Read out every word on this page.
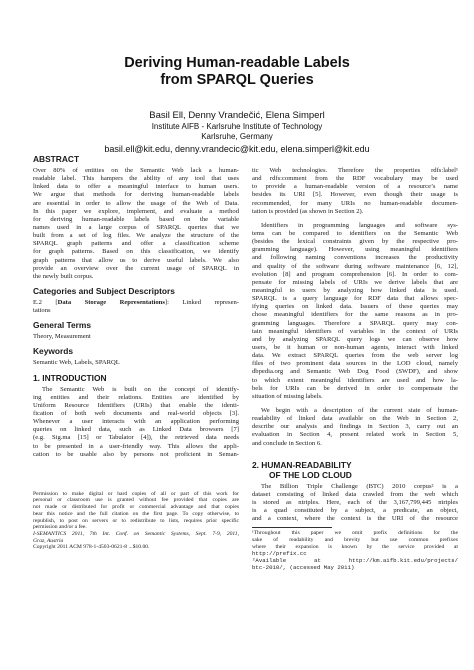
Deriving Human-readable Labels
from SPARQL Queries
Basil Ell, Denny Vrandečić, Elena Simperl
Institute AIFB - Karlsruhe Institute of Technology
Karlsruhe, Germany
basil.ell@kit.edu, denny.vrandecic@kit.edu, elena.simperl@kit.edu
ABSTRACT
Over 80% of entities on the Semantic Web lack a human-
readable label. This hampers the ability of any tool that uses
linked data to offer a meaningful interface to human users.
We argue that methods for deriving human-readable labels
are essential in order to allow the usage of the Web of Data.
In this paper we explore, implement, and evaluate a method
for deriving human-readable labels based on the variable
names used in a large corpus of SPARQL queries that we
built from a set of log files. We analyze the structure of the
SPARQL graph patterns and offer a classification scheme
for graph patterns. Based on this classification, we identify
graph patterns that allow us to derive useful labels. We also
provide an overview over the current usage of SPARQL in
the newly built corpus.
Categories and Subject Descriptors
E.2 [Data Storage Representations]: Linked represen-
tations
General Terms
Theory, Measurement
Keywords
Semantic Web, Labels, SPARQL
1. INTRODUCTION
The Semantic Web is built on the concept of identify-
ing entities and their relations. Entities are identified by
Uniform Resource Identifiers (URIs) that enable the identi-
fication of both web documents and real-world objects [3].
Whenever a user interacts with an application performing
queries on linked data, such as Linked Data browsers [7]
(e.g. Sig.ma [15] or Tabulator [4]), the retrieved data needs
to be presented in a user-friendly way. This allows the appli-
cation to be usable also by persons not proficient in Seman-
Permission to make digital or hard copies of all or part of this work for
personal or classroom use is granted without fee provided that copies are
not made or distributed for profit or commercial advantage and that copies
bear this notice and the full citation on the first page. To copy otherwise, to
republish, to post on servers or to redistribute to lists, requires prior specific
permission and/or a fee.
I-SEMANTICS 2011, 7th Int. Conf. on Semantic Systems, Sept. 7-9, 2011,
Graz, Austria
Copyright 2011 ACM 978-1-4503-0621-8 ...$10.00.
tic Web technologies. Therefore the properties rdfs:label¹
and rdfs:comment from the RDF vocabulary may be used
to provide a human-readable version of a resource’s name
besides its URI [5]. However, even though their usage is
recommended, for many URIs no human-readable documen-
tation is provided (as shown in Section 2).
Identifiers in programming languages and software sys-
tems can be compared to identifiers on the Semantic Web
(besides the lexical constraints given by the respective pro-
gramming language). However, using meaningful identifiers
and following naming conventions increases the productivity
and quality of the software during software maintenance [6, 12],
evolution [8] and program comprehension [6]. In order to com-
pensate for missing labels of URIs we derive labels that are
meaningful to users by analyzing how linked data is used.
SPARQL is a query language for RDF data that allows spec-
ifying queries on linked data. Issuers of these queries may
chose meaningful identifiers for the same reasons as in pro-
gramming languages. Therefore a SPARQL query may con-
tain meaningful identifiers of variables in the context of URIs
and by analyzing SPARQL query logs we can observe how
users, be it human or non-human agents, interact with linked
data. We extract SPARQL queries from the web server log
files of two prominent data sources in the LOD cloud, namely
dbpedia.org and Semantic Web Dog Food (SWDF), and show
to which extent meaningful identifiers are used and how la-
bels for URIs can be derived in order to compensate the
situation of missing labels.
We begin with a description of the current state of human-
readability of linked data available on the Web in Section 2,
describe our analysis and findings in Section 3, carry out an
evaluation in Section 4, present related work in Section 5,
and conclude in Section 6.
2. HUMAN-READABILITY
OF THE LOD CLOUD
The Billion Triple Challenge (BTC) 2010 corpus² is a
dataset consisting of linked data crawled from the web which
is stored as ntriples. Here, each of the 3,167,799,445 ntriples
is a quad constituted by a subject, a predicate, an object,
and a context, where the context is the URI of the resource
¹Throughout this paper we omit prefix definitions for the
sake of readability and brevity but use common prefixes
where their expansion is known by the service provided at
http://prefix.cc
²Available at http://km.aifb.kit.edu/projects/
btc-2010/, (accessed May 2011)
